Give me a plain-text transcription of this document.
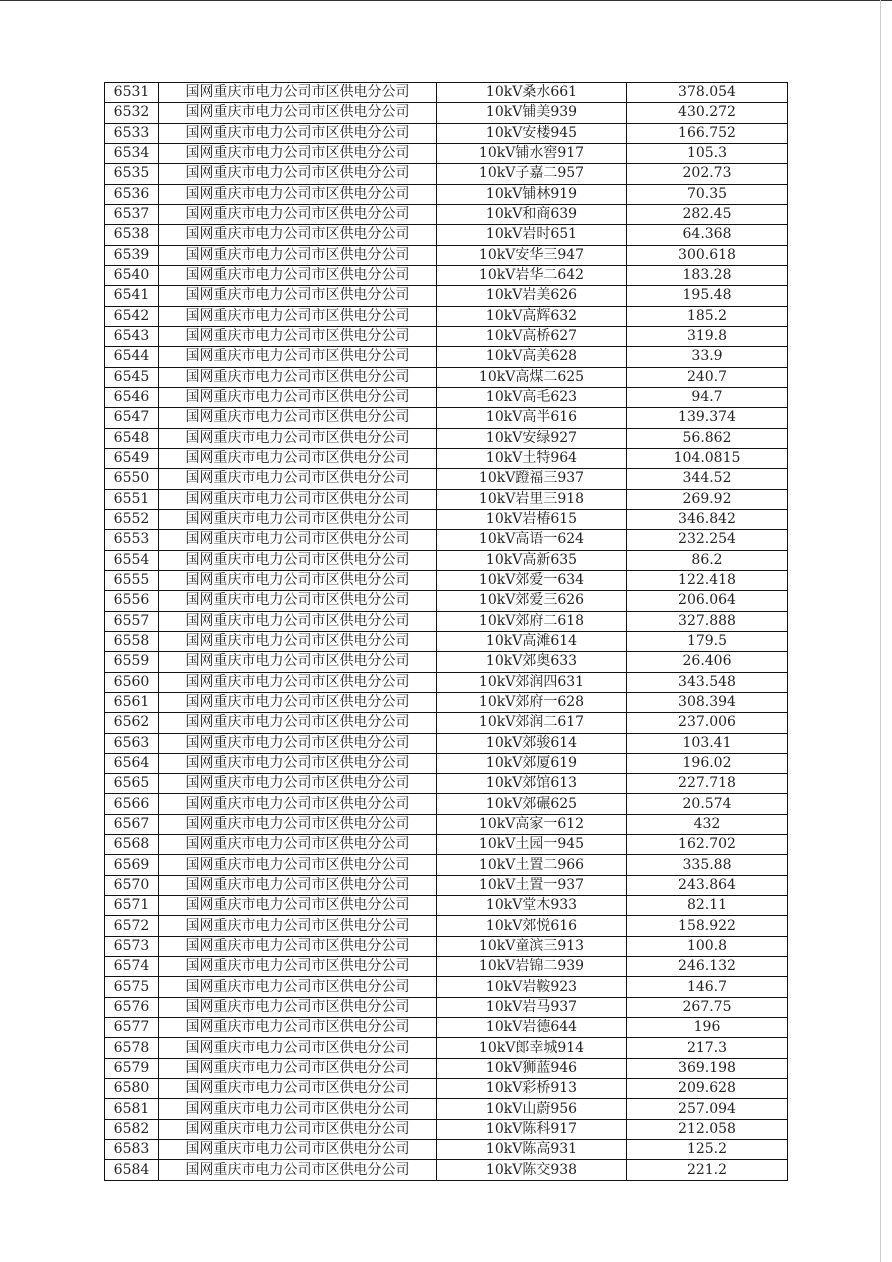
6531	国网重庆市电力公司市区供电分公司	10kV桑水661	378.054
6532	国网重庆市电力公司市区供电分公司	10kV铺美939	430.272
6533	国网重庆市电力公司市区供电分公司	10kV安楼945	166.752
6534	国网重庆市电力公司市区供电分公司	10kV铺水窖917	105.3
6535	国网重庆市电力公司市区供电分公司	10kV子嘉二957	202.73
6536	国网重庆市电力公司市区供电分公司	10kV铺林919	70.35
6537	国网重庆市电力公司市区供电分公司	10kV和商639	282.45
6538	国网重庆市电力公司市区供电分公司	10kV岩时651	64.368
6539	国网重庆市电力公司市区供电分公司	10kV安华三947	300.618
6540	国网重庆市电力公司市区供电分公司	10kV岩华二642	183.28
6541	国网重庆市电力公司市区供电分公司	10kV岩美626	195.48
6542	国网重庆市电力公司市区供电分公司	10kV高辉632	185.2
6543	国网重庆市电力公司市区供电分公司	10kV高桥627	319.8
6544	国网重庆市电力公司市区供电分公司	10kV高美628	33.9
6545	国网重庆市电力公司市区供电分公司	10kV高煤二625	240.7
6546	国网重庆市电力公司市区供电分公司	10kV高毛623	94.7
6547	国网重庆市电力公司市区供电分公司	10kV高半616	139.374
6548	国网重庆市电力公司市区供电分公司	10kV安绿927	56.862
6549	国网重庆市电力公司市区供电分公司	10kV土特964	104.0815
6550	国网重庆市电力公司市区供电分公司	10kV蹬福三937	344.52
6551	国网重庆市电力公司市区供电分公司	10kV岩里三918	269.92
6552	国网重庆市电力公司市区供电分公司	10kV岩椿615	346.842
6553	国网重庆市电力公司市区供电分公司	10kV高语一624	232.254
6554	国网重庆市电力公司市区供电分公司	10kV高新635	86.2
6555	国网重庆市电力公司市区供电分公司	10kV郊爱一634	122.418
6556	国网重庆市电力公司市区供电分公司	10kV郊爱三626	206.064
6557	国网重庆市电力公司市区供电分公司	10kV郊府二618	327.888
6558	国网重庆市电力公司市区供电分公司	10kV高滩614	179.5
6559	国网重庆市电力公司市区供电分公司	10kV郊奥633	26.406
6560	国网重庆市电力公司市区供电分公司	10kV郊润四631	343.548
6561	国网重庆市电力公司市区供电分公司	10kV郊府一628	308.394
6562	国网重庆市电力公司市区供电分公司	10kV郊润二617	237.006
6563	国网重庆市电力公司市区供电分公司	10kV郊骏614	103.41
6564	国网重庆市电力公司市区供电分公司	10kV郊厦619	196.02
6565	国网重庆市电力公司市区供电分公司	10kV郊馆613	227.718
6566	国网重庆市电力公司市区供电分公司	10kV郊碾625	20.574
6567	国网重庆市电力公司市区供电分公司	10kV高家一612	432
6568	国网重庆市电力公司市区供电分公司	10kV土园一945	162.702
6569	国网重庆市电力公司市区供电分公司	10kV土置二966	335.88
6570	国网重庆市电力公司市区供电分公司	10kV土置一937	243.864
6571	国网重庆市电力公司市区供电分公司	10kV堂木933	82.11
6572	国网重庆市电力公司市区供电分公司	10kV郊悦616	158.922
6573	国网重庆市电力公司市区供电分公司	10kV童滨三913	100.8
6574	国网重庆市电力公司市区供电分公司	10kV岩锦二939	246.132
6575	国网重庆市电力公司市区供电分公司	10kV岩鞍923	146.7
6576	国网重庆市电力公司市区供电分公司	10kV岩马937	267.75
6577	国网重庆市电力公司市区供电分公司	10kV岩德644	196
6578	国网重庆市电力公司市区供电分公司	10kV郎幸城914	217.3
6579	国网重庆市电力公司市区供电分公司	10kV狮蓝946	369.198
6580	国网重庆市电力公司市区供电分公司	10kV彩桥913	209.628
6581	国网重庆市电力公司市区供电分公司	10kV山蔚956	257.094
6582	国网重庆市电力公司市区供电分公司	10kV陈科917	212.058
6583	国网重庆市电力公司市区供电分公司	10kV陈高931	125.2
6584	国网重庆市电力公司市区供电分公司	10kV陈交938	221.2
